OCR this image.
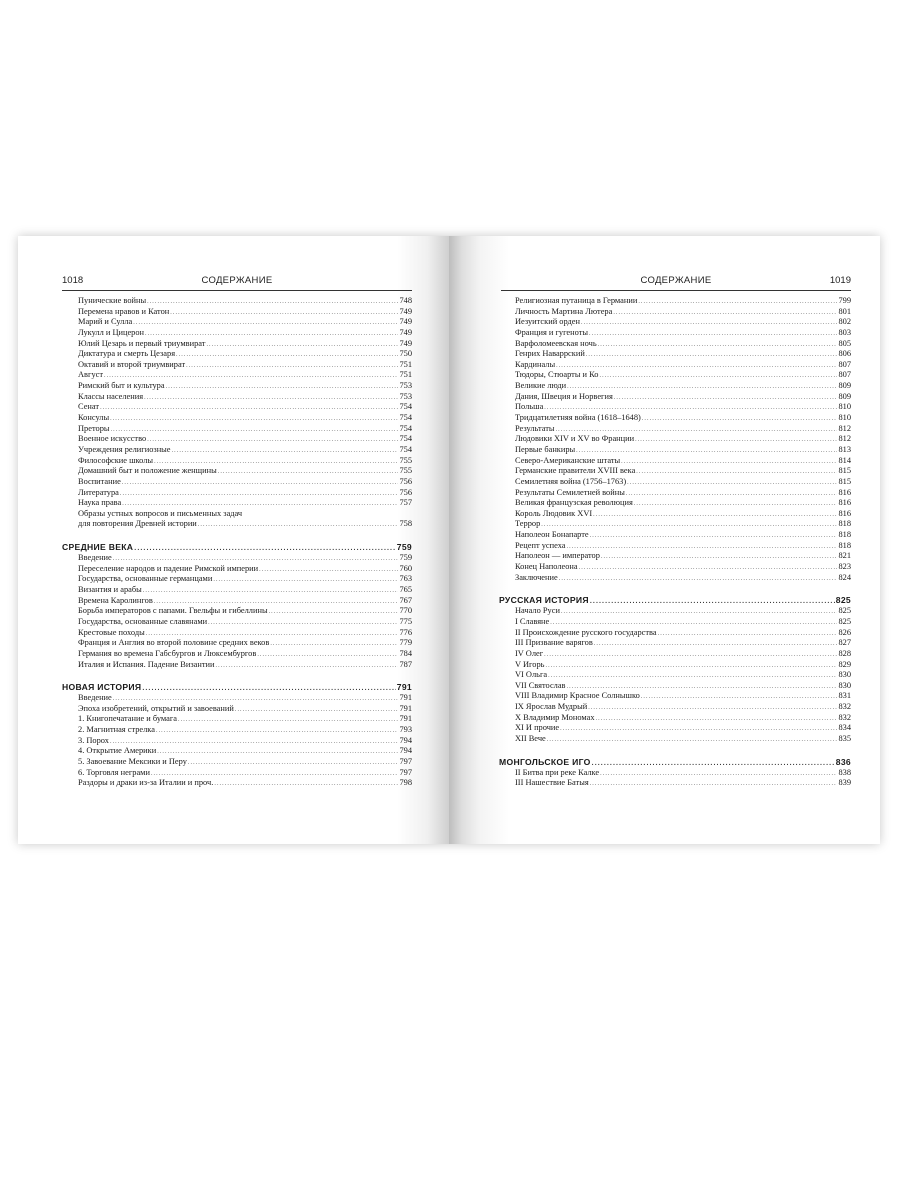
1018	СОДЕРЖАНИЕ
Пунические войны .....	748
Перемена нравов и Катон .....	749
Марий и Сулла .....	749
Лукулл и Цицерон .....	749
Юлий Цезарь и первый триумвират .....	749
Диктатура и смерть Цезаря .....	750
Октавий и второй триумвират .....	751
Август .....	751
Римский быт и культура .....	753
Классы населения .....	753
Сенат .....	754
Консулы .....	754
Преторы .....	754
Военное искусство .....	754
Учреждения религиозные .....	754
Философские школы .....	755
Домашний быт и положение женщины .....	755
Воспитание .....	756
Литература .....	756
Наука права .....	757
Образы устных вопросов и письменных задач
для повторения Древней истории .....	758
СРЕДНИЕ ВЕКА .....	759
Введение .....	759
Переселение народов и падение Римской империи .....	760
Государства, основанные германцами .....	763
Византия и арабы .....	765
Времена Каролингов .....	767
Борьба императоров с папами. Гвельфы и гибеллины .....	770
Государства, основанные славянами .....	775
Крестовые походы .....	776
Франция и Англия во второй половине средних веков .....	779
Германия во времена Габсбургов и Люксембургов .....	784
Италия и Испания. Падение Византии .....	787
НОВАЯ ИСТОРИЯ .....	791
Введение .....	791
Эпоха изобретений, открытий и завоеваний .....	791
1. Книгопечатание и бумага .....	791
2. Магнитная стрелка .....	793
3. Порох .....	794
4. Открытие Америки .....	794
5. Завоевание Мексики и Перу .....	797
6. Торговля неграми .....	797
Раздоры и драки из-за Италии и проч. .....	798
СОДЕРЖАНИЕ	1019
Религиозная путаница в Германии .....	799
Личность Мартина Лютера .....	801
Иезуитский орден .....	802
Франция и гугеноты .....	803
Варфоломеевская ночь .....	805
Генрих Наваррский .....	806
Кардиналы .....	807
Тюдоры, Стюарты и Ко .....	807
Великие люди .....	809
Дания, Швеция и Норвегия .....	809
Польша .....	810
Тридцатилетняя война (1618–1648) .....	810
Результаты .....	812
Людовики XIV и XV во Франции .....	812
Первые банкиры .....	813
Северо-Американские штаты .....	814
Германские правители XVIII века .....	815
Семилетняя война (1756–1763) .....	815
Результаты Семилетней войны .....	816
Великая французская революция .....	816
Король Людовик XVI .....	816
Террор .....	818
Наполеон Бонапарте .....	818
Рецепт успеха .....	818
Наполеон — император .....	821
Конец Наполеона .....	823
Заключение .....	824
РУССКАЯ ИСТОРИЯ .....	825
Начало Руси .....	825
I Славяне .....	825
II Происхождение русского государства .....	826
III Призвание варягов .....	827
IV Олег .....	828
V Игорь .....	829
VI Ольга .....	830
VII Святослав .....	830
VIII Владимир Красное Солнышко .....	831
IX Ярослав Мудрый .....	832
X Владимир Мономах .....	832
XI И прочие .....	834
XII Вече .....	835
МОНГОЛЬСКОЕ ИГО .....	836
II Битва при реке Калке .....	838
III Нашествие Батыя .....	839
